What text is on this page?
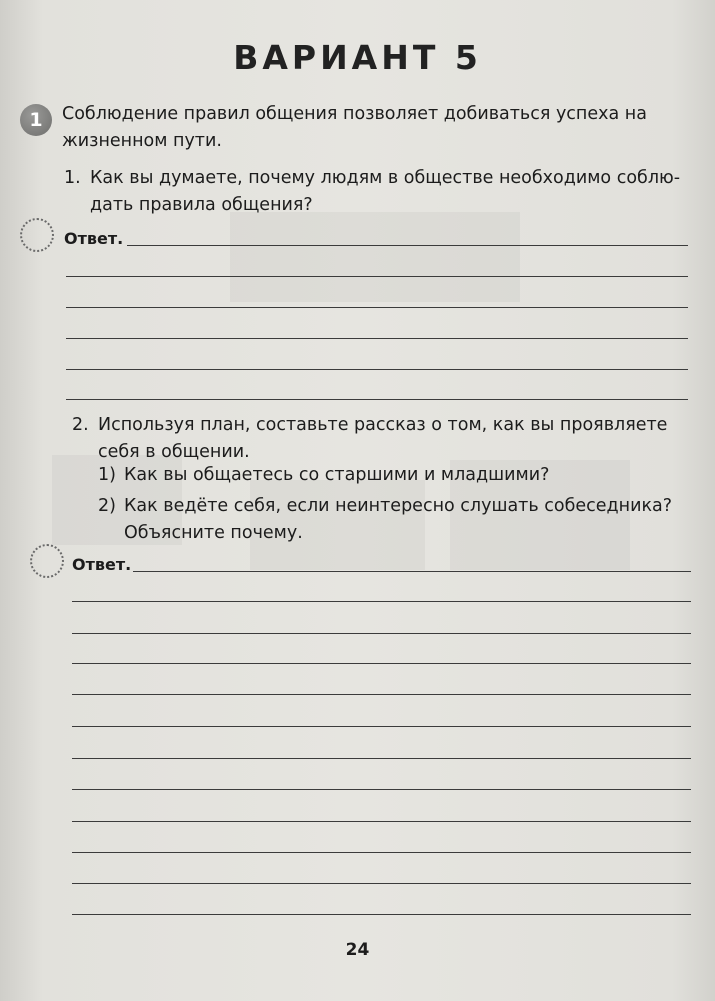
ВАРИАНТ 5
1	Соблюдение правил общения позволяет добиваться успеха на жизненном пути.
1. Как вы думаете, почему людям в обществе необходимо соблю-
дать правила общения?
Ответ.
2. Используя план, составьте рассказ о том, как вы проявляете
себя в общении.
1) Как вы общаетесь со старшими и младшими?
2) Как ведёте себя, если неинтересно слушать собеседника?
Объясните почему.
Ответ.
24
